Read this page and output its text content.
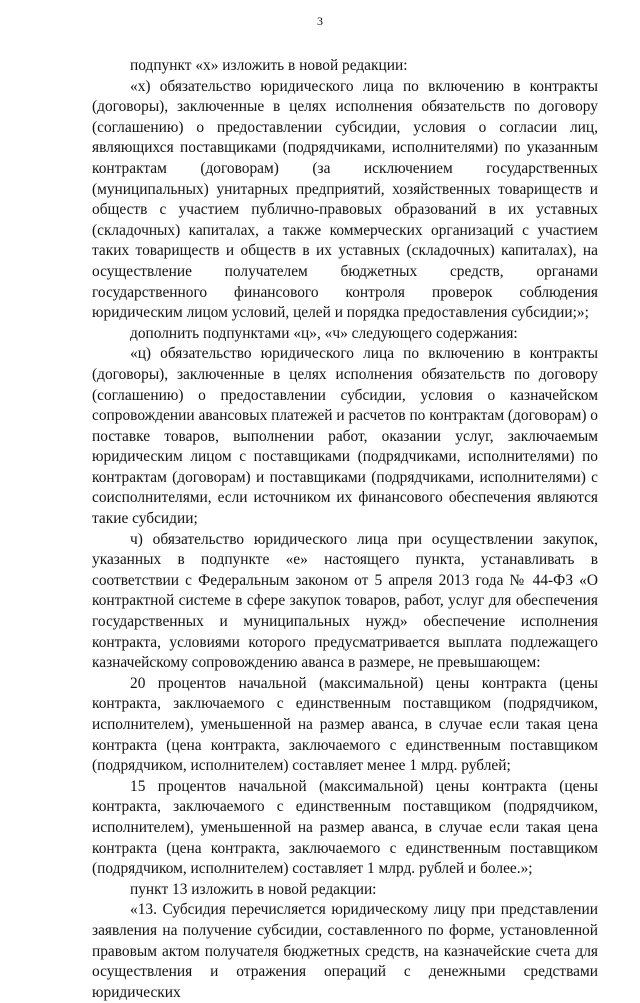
3

подпункт «х» изложить в новой редакции:

«х) обязательство юридического лица по включению в контракты (договоры), заключенные в целях исполнения обязательств по договору (соглашению) о предоставлении субсидии, условия о согласии лиц, являющихся поставщиками (подрядчиками, исполнителями) по указанным контрактам (договорам) (за исключением государственных (муниципальных) унитарных предприятий, хозяйственных товариществ и обществ с участием публично-правовых образований в их уставных (складочных) капиталах, а также коммерческих организаций с участием таких товариществ и обществ в их уставных (складочных) капиталах), на осуществление получателем бюджетных средств, органами государственного финансового контроля проверок соблюдения юридическим лицом условий, целей и порядка предоставления субсидии;»;

дополнить подпунктами «ц», «ч» следующего содержания:

«ц) обязательство юридического лица по включению в контракты (договоры), заключенные в целях исполнения обязательств по договору (соглашению) о предоставлении субсидии, условия о казначейском сопровождении авансовых платежей и расчетов по контрактам (договорам) о поставке товаров, выполнении работ, оказании услуг, заключаемым юридическим лицом с поставщиками (подрядчиками, исполнителями) по контрактам (договорам) и поставщиками (подрядчиками, исполнителями) с соисполнителями, если источником их финансового обеспечения являются такие субсидии;

ч) обязательство юридического лица при осуществлении закупок, указанных в подпункте «е» настоящего пункта, устанавливать в соответствии с Федеральным законом от 5 апреля 2013 года № 44-ФЗ «О контрактной системе в сфере закупок товаров, работ, услуг для обеспечения государственных и муниципальных нужд» обеспечение исполнения контракта, условиями которого предусматривается выплата подлежащего казначейскому сопровождению аванса в размере, не превышающем:

20 процентов начальной (максимальной) цены контракта (цены контракта, заключаемого с единственным поставщиком (подрядчиком, исполнителем), уменьшенной на размер аванса, в случае если такая цена контракта (цена контракта, заключаемого с единственным поставщиком (подрядчиком, исполнителем) составляет менее 1 млрд. рублей;

15 процентов начальной (максимальной) цены контракта (цены контракта, заключаемого с единственным поставщиком (подрядчиком, исполнителем), уменьшенной на размер аванса, в случае если такая цена контракта (цена контракта, заключаемого с единственным поставщиком (подрядчиком, исполнителем) составляет 1 млрд. рублей и более.»;

пункт 13 изложить в новой редакции:

«13. Субсидия перечисляется юридическому лицу при представлении заявления на получение субсидии, составленного по форме, установленной правовым актом получателя бюджетных средств, на казначейские счета для осуществления и отражения операций с денежными средствами юридических
